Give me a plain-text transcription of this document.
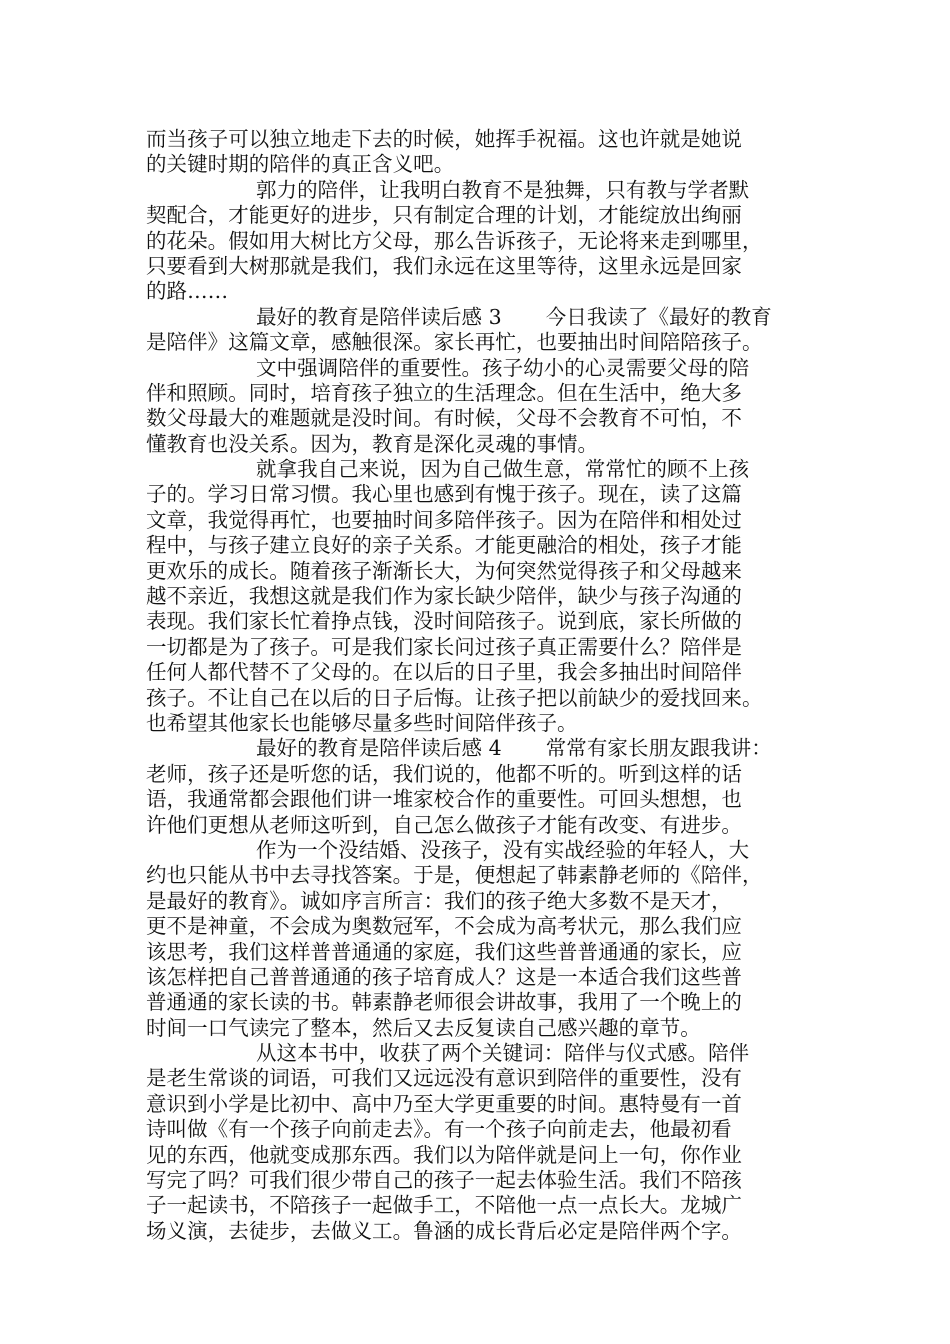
而当孩子可以独立地走下去的时候，她挥手祝福。这也许就是她说
的关键时期的陪伴的真正含义吧。
郭力的陪伴，让我明白教育不是独舞，只有教与学者默
契配合，才能更好的进步，只有制定合理的计划，才能绽放出绚丽
的花朵。假如用大树比方父母，那么告诉孩子，无论将来走到哪里，
只要看到大树那就是我们，我们永远在这里等待，这里永远是回家
的路……
最好的教育是陪伴读后感 3 今日我读了《最好的教育
是陪伴》这篇文章，感触很深。家长再忙，也要抽出时间陪陪孩子。
文中强调陪伴的重要性。孩子幼小的心灵需要父母的陪
伴和照顾。同时，培育孩子独立的生活理念。但在生活中，绝大多
数父母最大的难题就是没时间。有时候，父母不会教育不可怕，不
懂教育也没关系。因为，教育是深化灵魂的事情。
就拿我自己来说，因为自己做生意，常常忙的顾不上孩
子的。学习日常习惯。我心里也感到有愧于孩子。现在，读了这篇
文章，我觉得再忙，也要抽时间多陪伴孩子。因为在陪伴和相处过
程中，与孩子建立良好的亲子关系。才能更融洽的相处，孩子才能
更欢乐的成长。随着孩子渐渐长大，为何突然觉得孩子和父母越来
越不亲近，我想这就是我们作为家长缺少陪伴，缺少与孩子沟通的
表现。我们家长忙着挣点钱，没时间陪孩子。说到底，家长所做的
一切都是为了孩子。可是我们家长问过孩子真正需要什么？陪伴是
任何人都代替不了父母的。在以后的日子里，我会多抽出时间陪伴
孩子。不让自己在以后的日子后悔。让孩子把以前缺少的爱找回来。
也希望其他家长也能够尽量多些时间陪伴孩子。
最好的教育是陪伴读后感 4 常常有家长朋友跟我讲：
老师，孩子还是听您的话，我们说的，他都不听的。听到这样的话
语，我通常都会跟他们讲一堆家校合作的重要性。可回头想想，也
许他们更想从老师这听到，自己怎么做孩子才能有改变、有进步。
作为一个没结婚、没孩子，没有实战经验的年轻人，大
约也只能从书中去寻找答案。于是，便想起了韩素静老师的《陪伴，
是最好的教育》。诚如序言所言：我们的孩子绝大多数不是天才，
更不是神童，不会成为奥数冠军，不会成为高考状元，那么我们应
该思考，我们这样普普通通的家庭，我们这些普普通通的家长，应
该怎样把自己普普通通的孩子培育成人？这是一本适合我们这些普
普通通的家长读的书。韩素静老师很会讲故事，我用了一个晚上的
时间一口气读完了整本，然后又去反复读自己感兴趣的章节。
从这本书中，收获了两个关键词：陪伴与仪式感。陪伴
是老生常谈的词语，可我们又远远没有意识到陪伴的重要性，没有
意识到小学是比初中、高中乃至大学更重要的时间。惠特曼有一首
诗叫做《有一个孩子向前走去》。有一个孩子向前走去，他最初看
见的东西，他就变成那东西。我们以为陪伴就是问上一句，你作业
写完了吗？可我们很少带自己的孩子一起去体验生活。我们不陪孩
子一起读书，不陪孩子一起做手工，不陪他一点一点长大。龙城广
场义演，去徒步，去做义工。鲁涵的成长背后必定是陪伴两个字。
